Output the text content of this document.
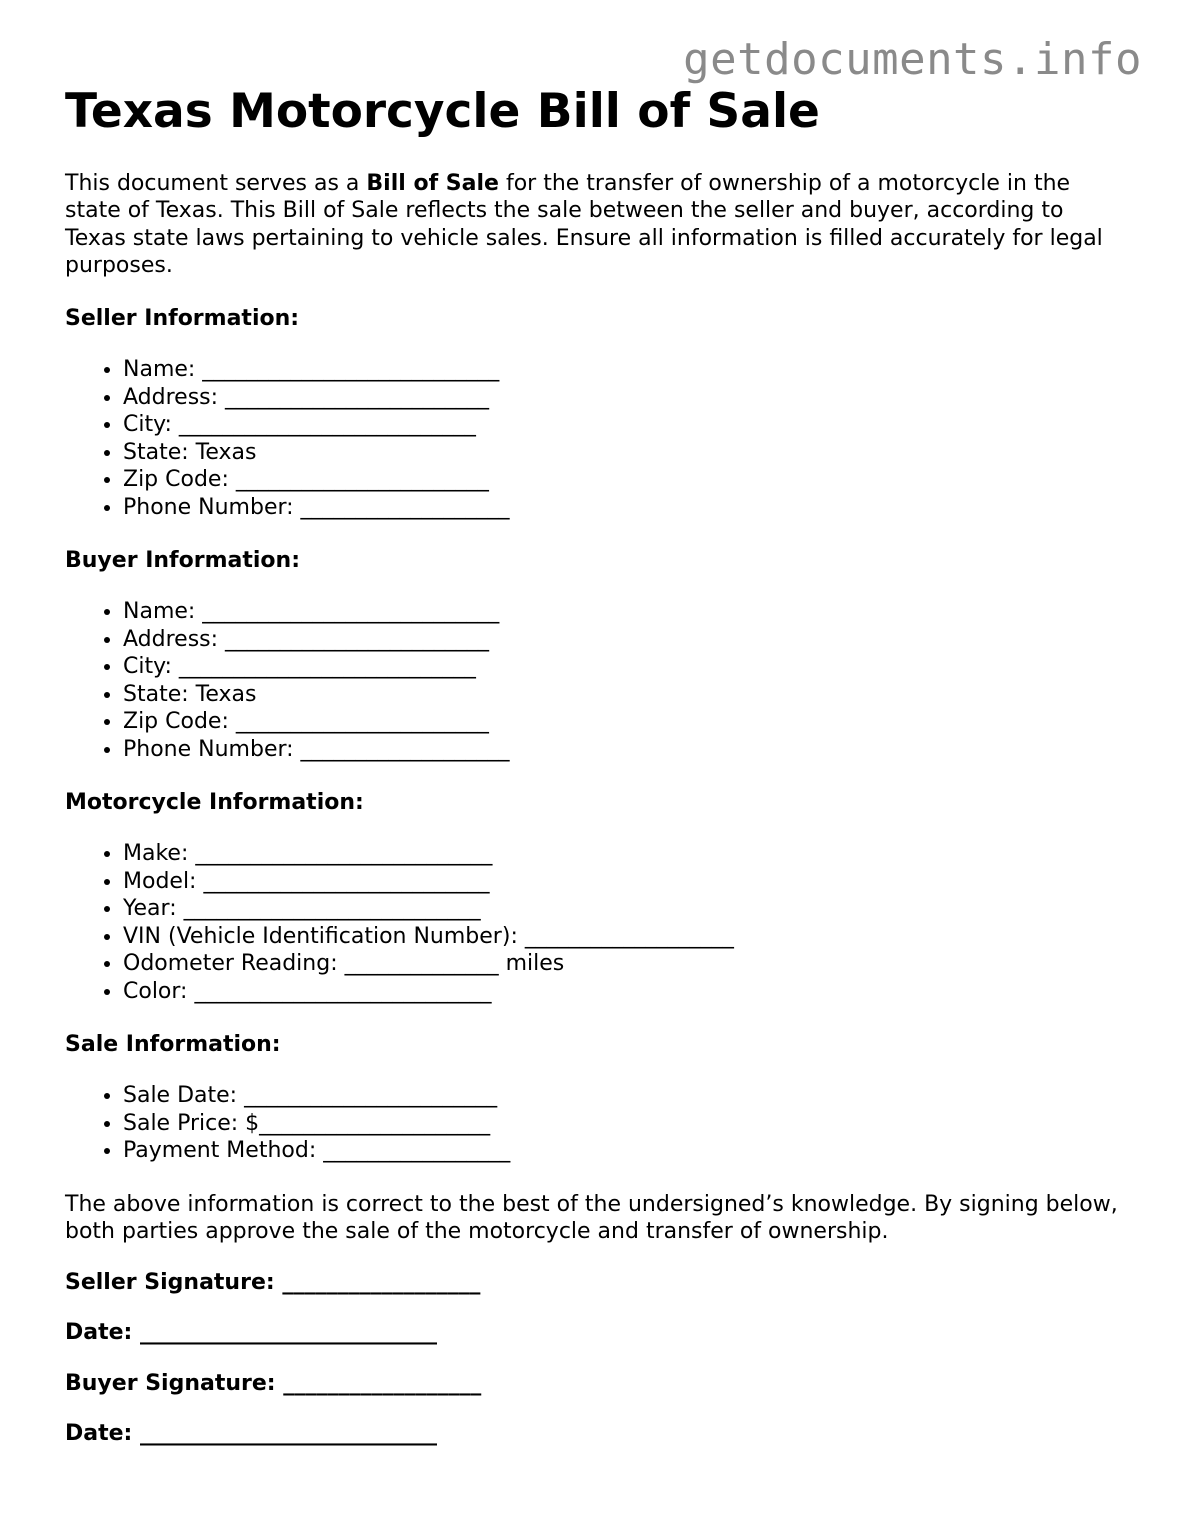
getdocuments.info
Texas Motorcycle Bill of Sale

This document serves as a Bill of Sale for the transfer of ownership of a motorcycle in the state of Texas. This Bill of Sale reflects the sale between the seller and buyer, according to Texas state laws pertaining to vehicle sales. Ensure all information is filled accurately for legal purposes.

Seller Information:
• Name: ___________________________
• Address: ________________________
• City: ___________________________
• State: Texas
• Zip Code: _______________________
• Phone Number: ___________________
Buyer Information:
• Name: ___________________________
• Address: ________________________
• City: ___________________________
• State: Texas
• Zip Code: _______________________
• Phone Number: ___________________
Motorcycle Information:
• Make: ___________________________
• Model: __________________________
• Year: ___________________________
• VIN (Vehicle Identification Number): ___________________
• Odometer Reading: ______________ miles
• Color: ___________________________
Sale Information:
• Sale Date: _______________________
• Sale Price: $_____________________
• Payment Method: _________________

The above information is correct to the best of the undersigned’s knowledge. By signing below, both parties approve the sale of the motorcycle and transfer of ownership.

Seller Signature: __________________

Date: ___________________________

Buyer Signature: __________________

Date: ___________________________
